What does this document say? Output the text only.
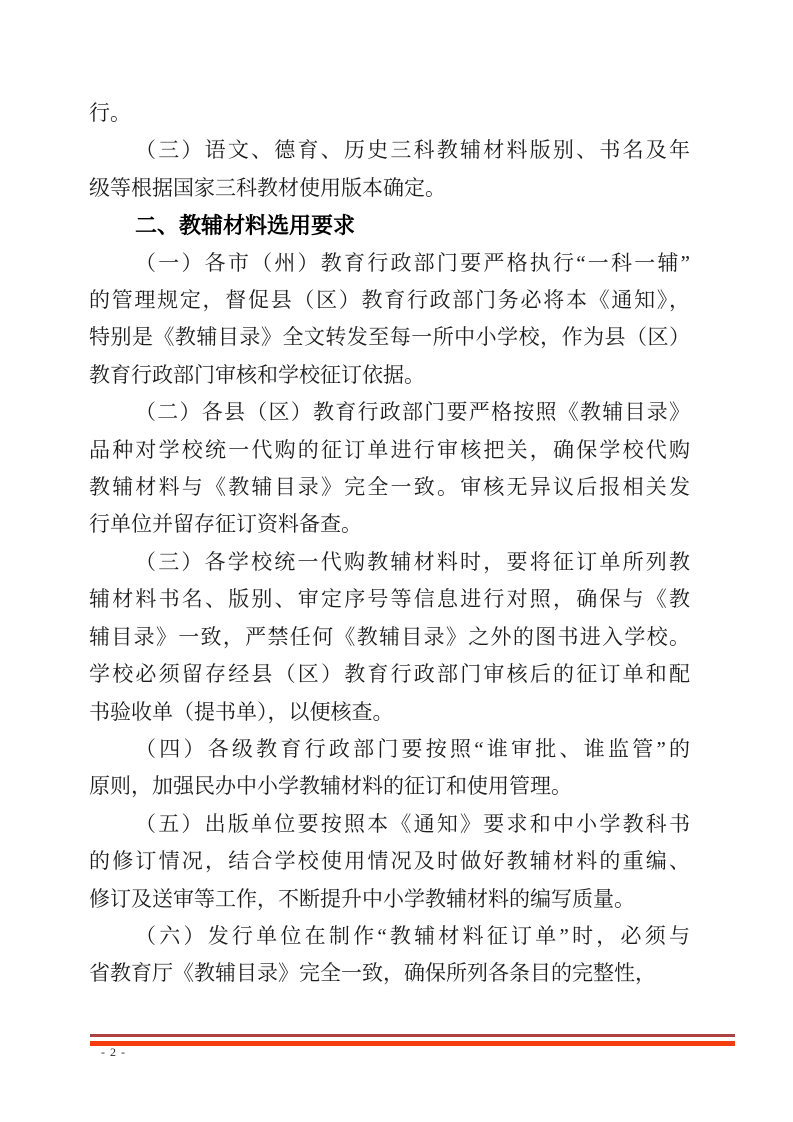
行。

（三）语文、德育、历史三科教辅材料版别、书名及年
级等根据国家三科教材使用版本确定。

二、教辅材料选用要求

（一）各市（州）教育行政部门要严格执行“一科一辅”
的管理规定，督促县（区）教育行政部门务必将本《通知》，
特别是《教辅目录》全文转发至每一所中小学校，作为县（区）
教育行政部门审核和学校征订依据。

（二）各县（区）教育行政部门要严格按照《教辅目录》
品种对学校统一代购的征订单进行审核把关，确保学校代购
教辅材料与《教辅目录》完全一致。审核无异议后报相关发
行单位并留存征订资料备查。

（三）各学校统一代购教辅材料时，要将征订单所列教
辅材料书名、版别、审定序号等信息进行对照，确保与《教
辅目录》一致，严禁任何《教辅目录》之外的图书进入学校。
学校必须留存经县（区）教育行政部门审核后的征订单和配
书验收单（提书单），以便核查。

（四）各级教育行政部门要按照“谁审批、谁监管”的
原则，加强民办中小学教辅材料的征订和使用管理。

（五）出版单位要按照本《通知》要求和中小学教科书
的修订情况，结合学校使用情况及时做好教辅材料的重编、
修订及送审等工作，不断提升中小学教辅材料的编写质量。

（六）发行单位在制作“教辅材料征订单”时，必须与
省教育厅《教辅目录》完全一致，确保所列各条目的完整性，

- 2 -
